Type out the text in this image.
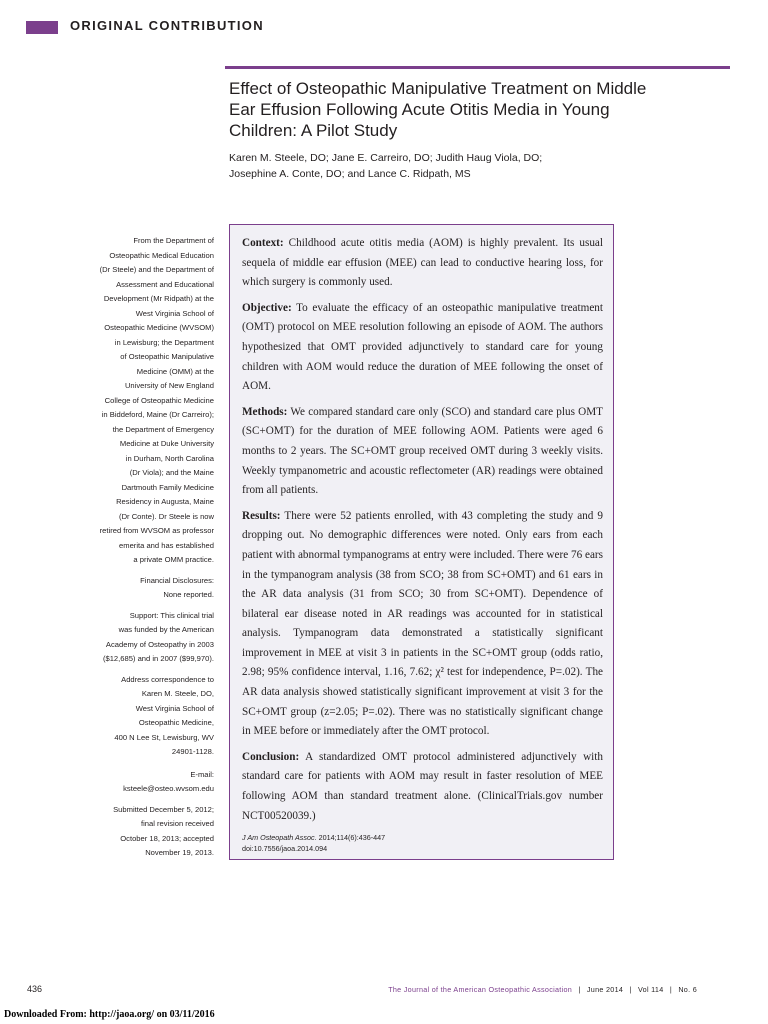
ORIGINAL CONTRIBUTION
Effect of Osteopathic Manipulative Treatment on Middle Ear Effusion Following Acute Otitis Media in Young Children: A Pilot Study
Karen M. Steele, DO; Jane E. Carreiro, DO; Judith Haug Viola, DO;
Josephine A. Conte, DO; and Lance C. Ridpath, MS
From the Department of
Osteopathic Medical Education
(Dr Steele) and the Department of
Assessment and Educational
Development (Mr Ridpath) at the
West Virginia School of
Osteopathic Medicine (WVSOM)
in Lewisburg; the Department
of Osteopathic Manipulative
Medicine (OMM) at the
University of New England
College of Osteopathic Medicine
in Biddeford, Maine (Dr Carreiro);
the Department of Emergency
Medicine at Duke University
in Durham, North Carolina
(Dr Viola); and the Maine
Dartmouth Family Medicine
Residency in Augusta, Maine
(Dr Conte). Dr Steele is now
retired from WVSOM as professor
emerita and has established
a private OMM practice.
Financial Disclosures:
None reported.
Support: This clinical trial
was funded by the American
Academy of Osteopathy in 2003
($12,685) and in 2007 ($99,970).
Address correspondence to
Karen M. Steele, DO,
West Virginia School of
Osteopathic Medicine,
400 N Lee St, Lewisburg, WV
24901-1128.
E-mail:
ksteele@osteo.wvsom.edu
Submitted December 5, 2012;
final revision received
October 18, 2013; accepted
November 19, 2013.

Context: Childhood acute otitis media (AOM) is highly prevalent. Its usual sequela of middle ear effusion (MEE) can lead to conductive hearing loss, for which surgery is commonly used.

Objective: To evaluate the efficacy of an osteopathic manipulative treatment (OMT) protocol on MEE resolution following an episode of AOM. The authors hypothesized that OMT provided adjunctively to standard care for young children with AOM would reduce the duration of MEE following the onset of AOM.

Methods: We compared standard care only (SCO) and standard care plus OMT (SC+OMT) for the duration of MEE following AOM. Patients were aged 6 months to 2 years. The SC+OMT group received OMT during 3 weekly visits. Weekly tympanometric and acoustic reflectometer (AR) readings were obtained from all patients.

Results: There were 52 patients enrolled, with 43 completing the study and 9 dropping out. No demographic differences were noted. Only ears from each patient with abnormal tympanograms at entry were included. There were 76 ears in the tympanogram analysis (38 from SCO; 38 from SC+OMT) and 61 ears in the AR data analysis (31 from SCO; 30 from SC+OMT). Dependence of bilateral ear disease noted in AR readings was accounted for in statistical analysis. Tympanogram data demonstrated a statistically significant improvement in MEE at visit 3 in patients in the SC+OMT group (odds ratio, 2.98; 95% confidence interval, 1.16, 7.62; χ² test for independence, P=.02). The AR data analysis showed statistically significant improvement at visit 3 for the SC+OMT group (z=2.05; P=.02). There was no statistically significant change in MEE before or immediately after the OMT protocol.

Conclusion: A standardized OMT protocol administered adjunctively with standard care for patients with AOM may result in faster resolution of MEE following AOM than standard treatment alone. (ClinicalTrials.gov number NCT00520039.)

J Am Osteopath Assoc. 2014;114(6):436-447
doi:10.7556/jaoa.2014.094
436	The Journal of the American Osteopathic Association | June 2014 | Vol 114 | No. 6
Downloaded From: http://jaoa.org/ on 03/11/2016
